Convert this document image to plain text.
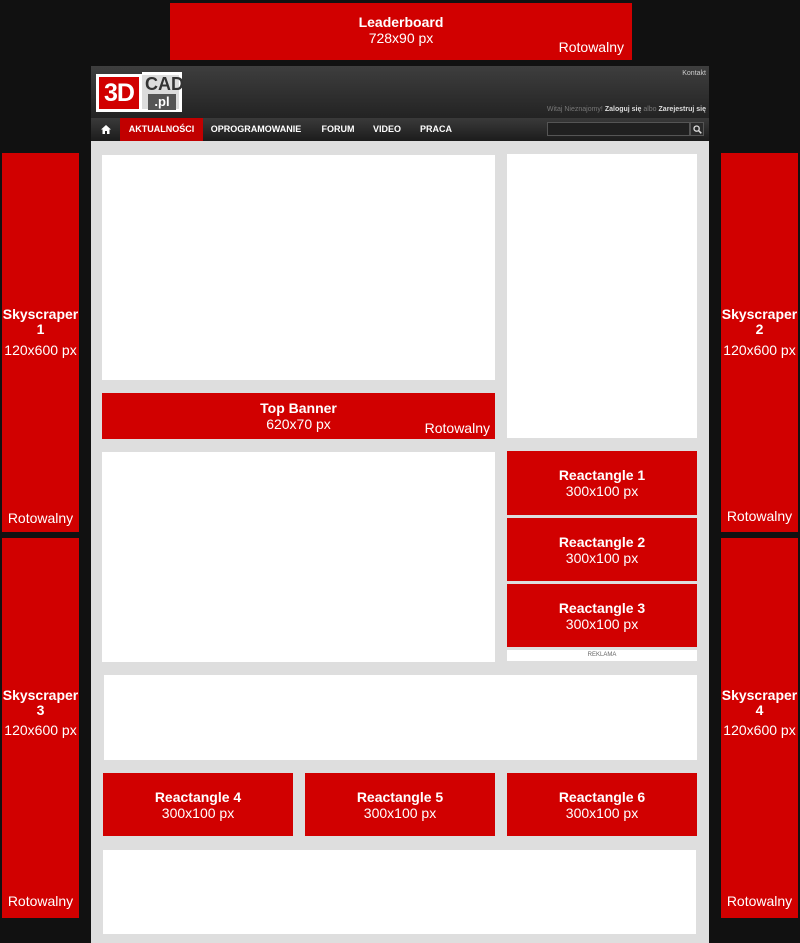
Leaderboard
728x90 px
Rotowalny
Skyscraper 1
120x600 px
Rotowalny
Skyscraper 2
120x600 px
Rotowalny
Skyscraper 3
120x600 px
Rotowalny
Skyscraper 4
120x600 px
Rotowalny
3D CAD
.pl
Kontakt
Witaj Nieznajomy! Zaloguj się albo Zarejestruj się
AKTUALNOŚCI	OPROGRAMOWANIE	FORUM	VIDEO	PRACA
Top Banner
620x70 px	Rotowalny
Reactangle 1
300x100 px
Reactangle 2
300x100 px
Reactangle 3
300x100 px
REKLAMA
Reactangle 4
300x100 px
Reactangle 5
300x100 px
Reactangle 6
300x100 px
